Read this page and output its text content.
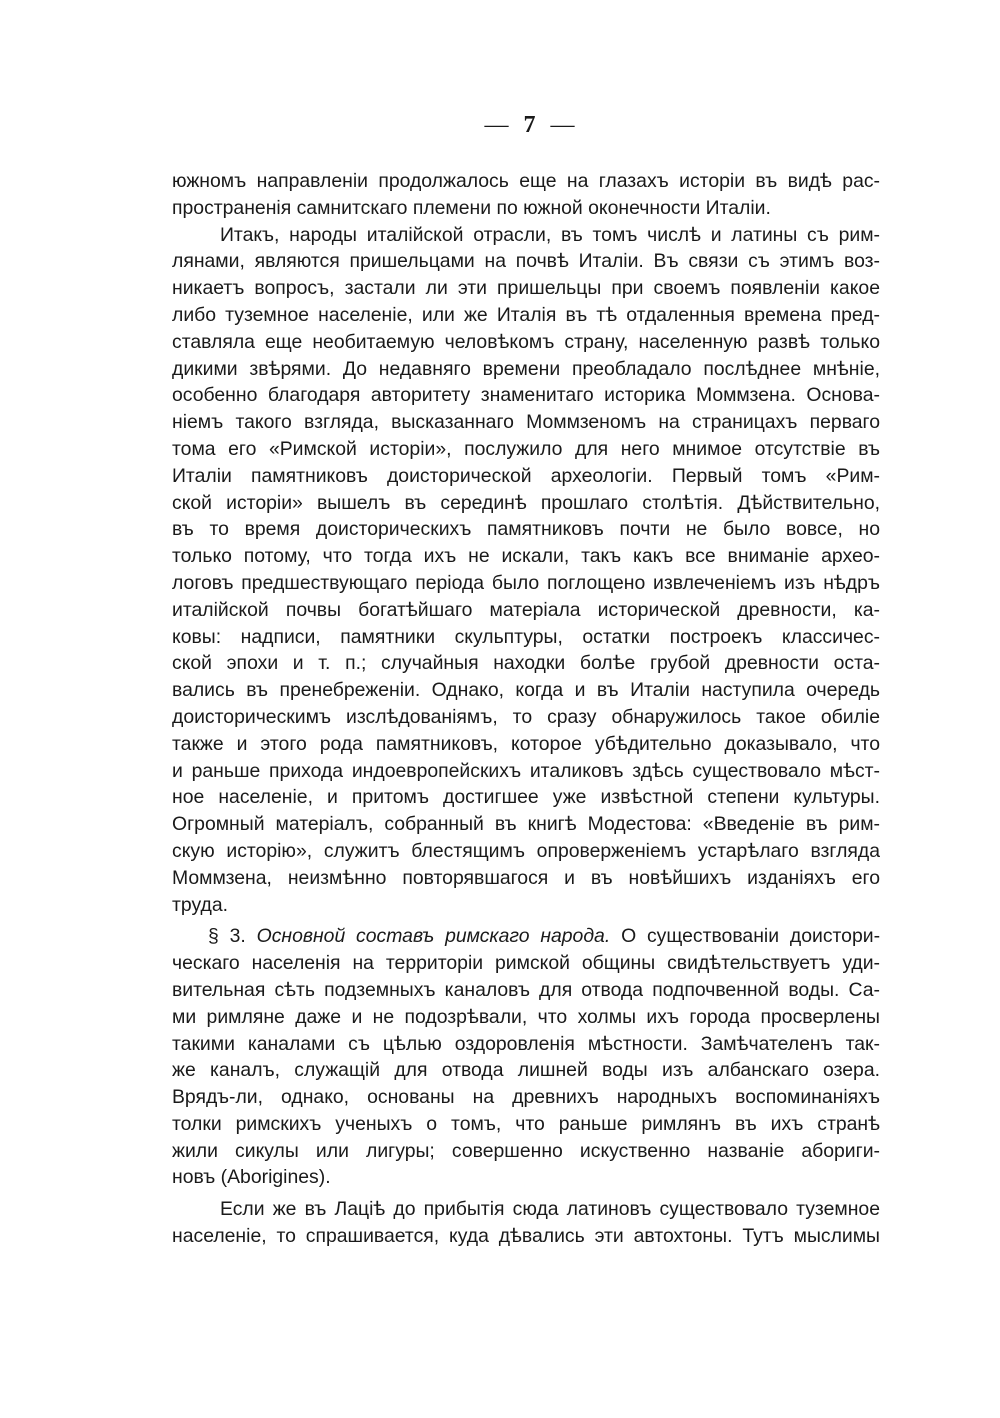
— 7 —
южномъ направленіи продолжалось еще на глазахъ исторіи въ видѣ рас-
пространенія самнитскаго племени по южной оконечности Италіи.
Итакъ, народы италійской отрасли, въ томъ числѣ и латины съ рим-
лянами, являются пришельцами на почвѣ Италіи. Въ связи съ этимъ воз-
никаетъ вопросъ, застали ли эти пришельцы при своемъ появленіи какое
либо туземное населеніе, или же Италія въ тѣ отдаленныя времена пред-
ставляла еще необитаемую человѣкомъ страну, населенную развѣ только
дикими звѣрями. До недавняго времени преобладало послѣднее мнѣніе,
особенно благодаря авторитету знаменитаго историка Моммзена. Основа-
ніемъ такого взгляда, высказаннаго Моммзеномъ на страницахъ перваго
тома его «Римской исторіи», послужило для него мнимое отсутствіе въ
Италіи памятниковъ доисторической археологіи. Первый томъ «Рим-
ской исторіи» вышелъ въ серединѣ прошлаго столѣтія. Дѣйствительно,
въ то время доисторическихъ памятниковъ почти не было вовсе, но
только потому, что тогда ихъ не искали, такъ какъ все вниманіе архео-
логовъ предшествующаго періода было поглощено извлеченіемъ изъ нѣдръ
италійской почвы богатѣйшаго матеріала исторической древности, ка-
ковы: надписи, памятники скульптуры, остатки построекъ классичес-
ской эпохи и т. п.; случайныя находки болѣе грубой древности оста-
вались въ пренебреженіи. Однако, когда и въ Италіи наступила очередь
доисторическимъ изслѣдованіямъ, то сразу обнаружилось такое обиліе
также и этого рода памятниковъ, которое убѣдительно доказывало, что
и раньше прихода индоевропейскихъ италиковъ здѣсь существовало мѣст-
ное населеніе, и притомъ достигшее уже извѣстной степени культуры.
Огромный матеріалъ, собранный въ книгѣ Модестова: «Введеніе въ рим-
скую исторію», служитъ блестящимъ опроверженіемъ устарѣлаго взгляда
Моммзена, неизмѣнно повторявшагося и въ новѣйшихъ изданіяхъ его
труда.
§ 3. Основной составъ римскаго народа. О существованіи доистори-
ческаго населенія на территоріи римской общины свидѣтельствуетъ уди-
вительная сѣть подземныхъ каналовъ для отвода подпочвенной воды. Са-
ми римляне даже и не подозрѣвали, что холмы ихъ города просверлены
такими каналами съ цѣлью оздоровленія мѣстности. Замѣчателенъ так-
же каналъ, служащій для отвода лишней воды изъ албанскаго озера.
Врядъ-ли, однако, основаны на древнихъ народныхъ воспоминаніяхъ
толки римскихъ ученыхъ о томъ, что раньше римлянъ въ ихъ странѣ
жили сикулы или лигуры; совершенно искуственно названіе абориги-
новъ (Aborigines).
Если же въ Лаціѣ до прибытія сюда латиновъ существовало туземное
населеніе, то спрашивается, куда дѣвались эти автохтоны. Тутъ мыслимы
